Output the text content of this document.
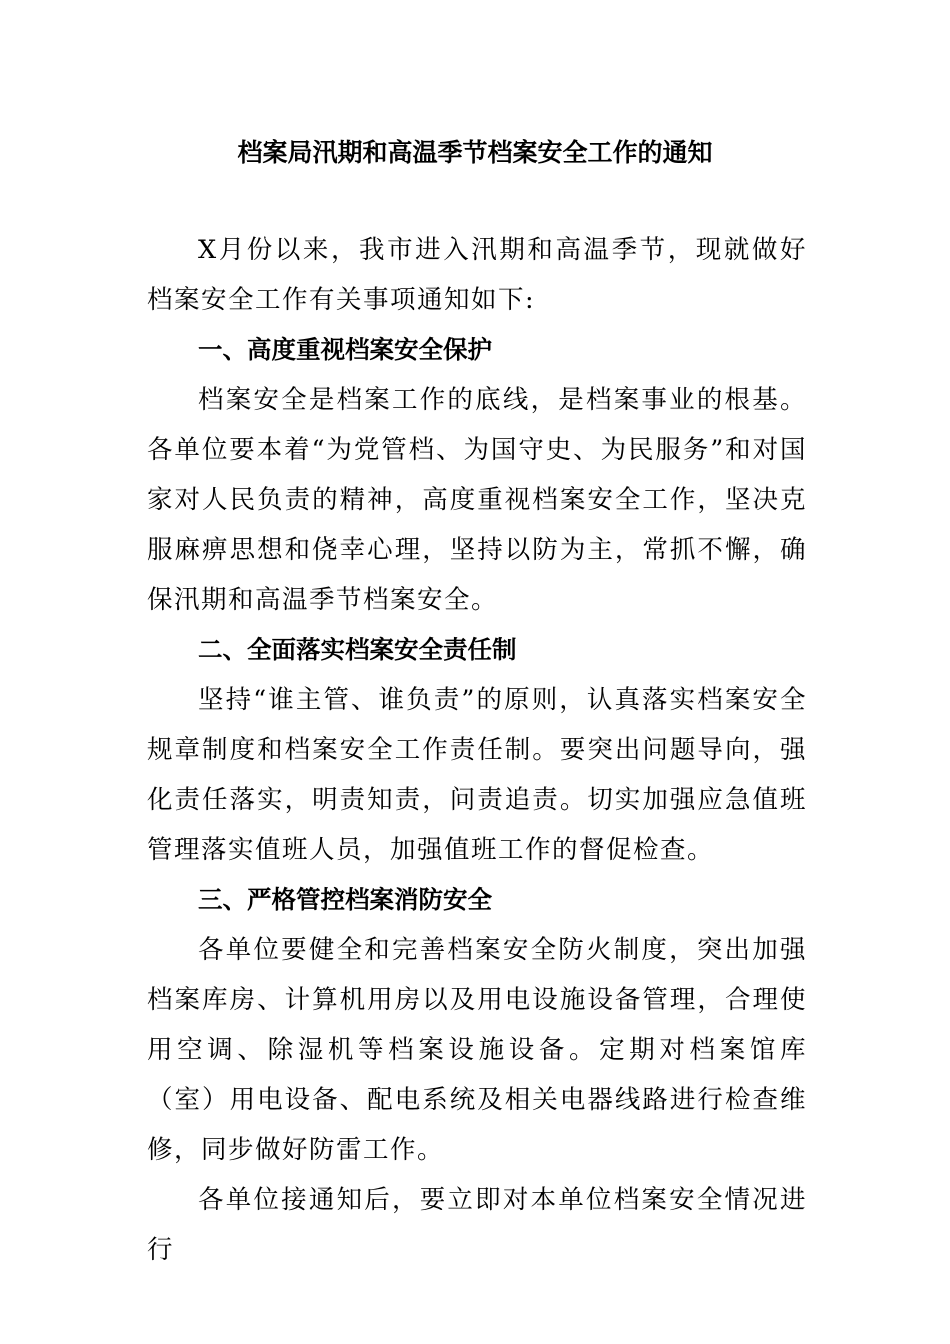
档案局汛期和高温季节档案安全工作的通知

X月份以来，我市进入汛期和高温季节，现就做好档案安全工作有关事项通知如下:

一、高度重视档案安全保护

档案安全是档案工作的底线，是档案事业的根基。各单位要本着“为党管档、为国守史、为民服务”和对国家对人民负责的精神，高度重视档案安全工作，坚决克服麻痹思想和侥幸心理，坚持以防为主，常抓不懈，确保汛期和高温季节档案安全。

二、全面落实档案安全责任制

坚持“谁主管、谁负责”的原则，认真落实档案安全规章制度和档案安全工作责任制。要突出问题导向，强化责任落实，明责知责，问责追责。切实加强应急值班管理落实值班人员，加强值班工作的督促检查。

三、严格管控档案消防安全

各单位要健全和完善档案安全防火制度，突出加强档案库房、计算机用房以及用电设施设备管理，合理使用空调、除湿机等档案设施设备。定期对档案馆库（室）用电设备、配电系统及相关电器线路进行检查维修，同步做好防雷工作。

各单位接通知后，要立即对本单位档案安全情况进行
